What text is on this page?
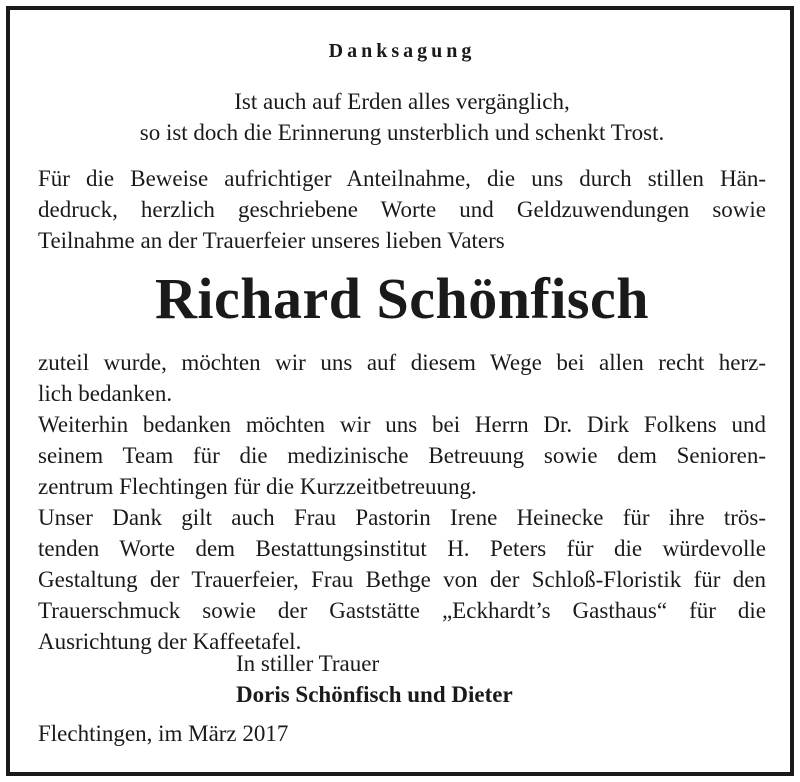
Danksagung
Ist auch auf Erden alles vergänglich,
so ist doch die Erinnerung unsterblich und schenkt Trost.
Für die Beweise aufrichtiger Anteilnahme, die uns durch stillen Hän-
dedruck, herzlich geschriebene Worte und Geldzuwendungen sowie
Teilnahme an der Trauerfeier unseres lieben Vaters
Richard Schönfisch
zuteil wurde, möchten wir uns auf diesem Wege bei allen recht herz-
lich bedanken.
Weiterhin bedanken möchten wir uns bei Herrn Dr. Dirk Folkens und
seinem Team für die medizinische Betreuung sowie dem Senioren-
zentrum Flechtingen für die Kurzzeitbetreuung.
Unser Dank gilt auch Frau Pastorin Irene Heinecke für ihre trös-
tenden Worte dem Bestattungsinstitut H. Peters für die würdevolle
Gestaltung der Trauerfeier, Frau Bethge von der Schloß-Floristik für den
Trauerschmuck sowie der Gaststätte „Eckhardt’s Gasthaus“ für die
Ausrichtung der Kaffeetafel.
In stiller Trauer
Doris Schönfisch und Dieter
Flechtingen, im März 2017
